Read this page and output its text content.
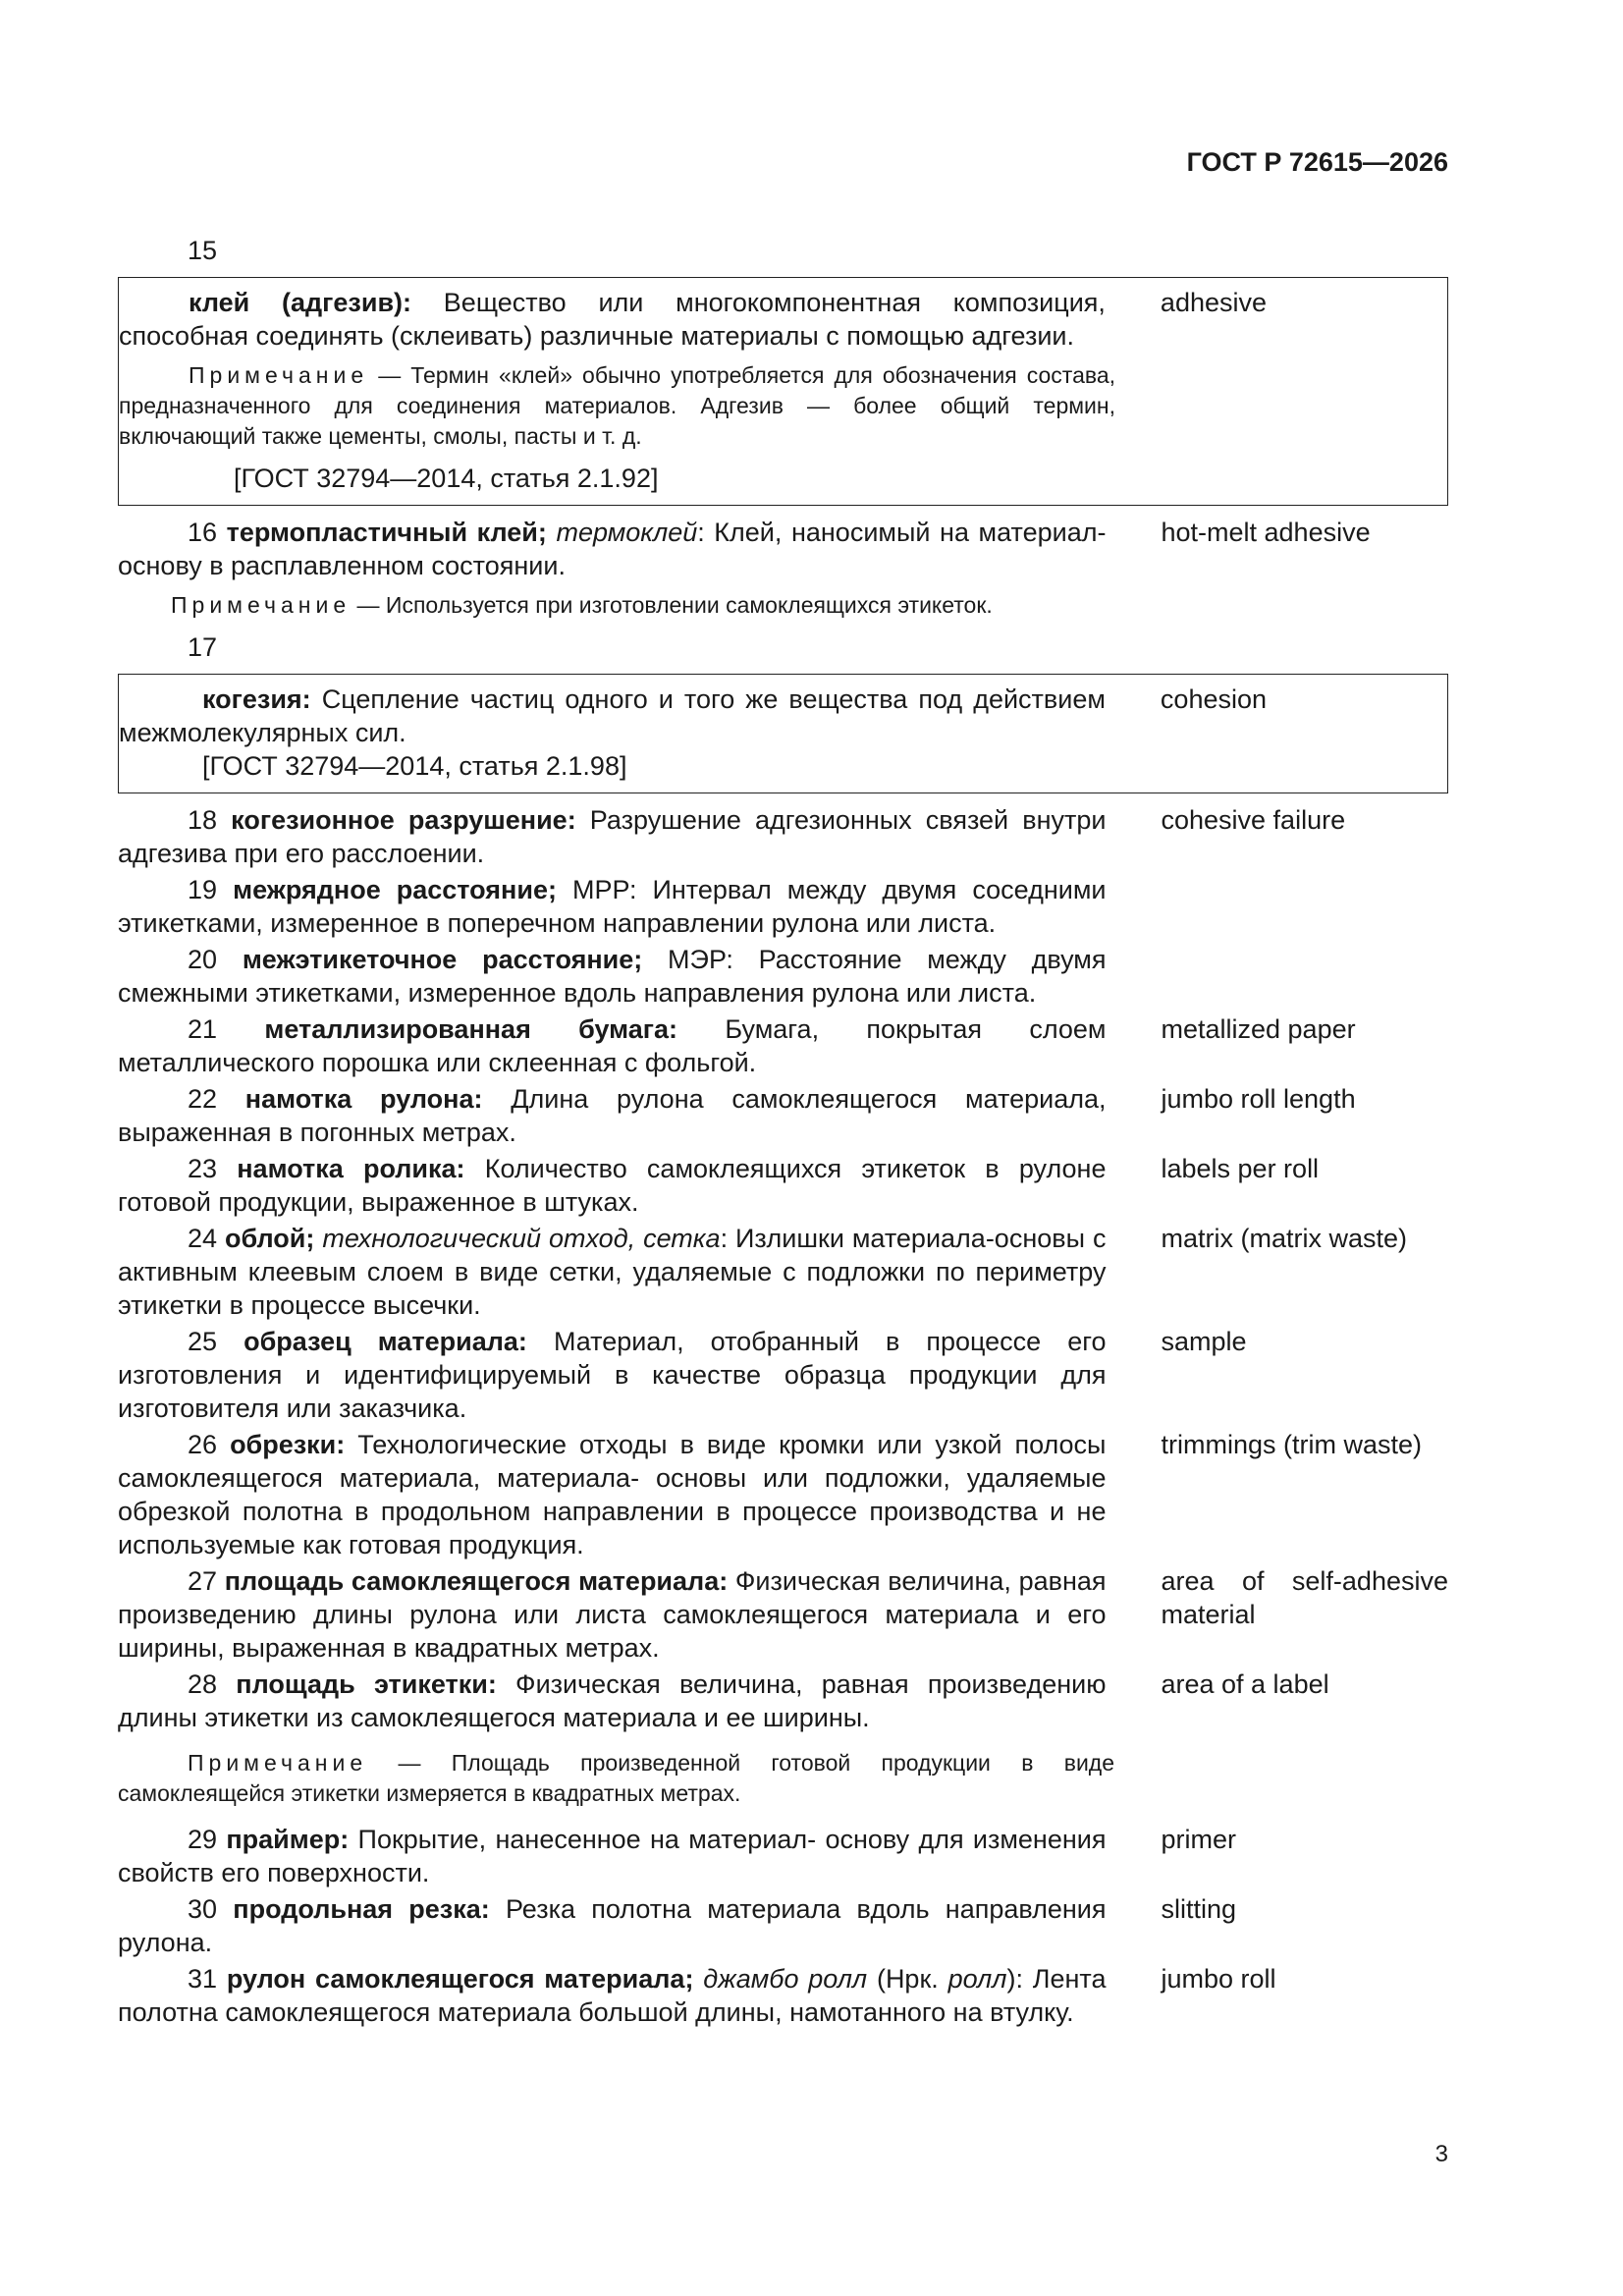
ГОСТ Р 72615—2026
15
клей (адгезив): Вещество или многокомпонентная композиция, способная соединять (склеивать) различные материалы с помощью адгезии.
adhesive
Примечание — Термин «клей» обычно употребляется для обозначения состава, предназначенного для соединения материалов. Адгезив — более общий термин, включающий также цементы, смолы, пасты и т. д.
[ГОСТ 32794—2014, статья 2.1.92]
16 термопластичный клей; термоклей: Клей, наносимый на материал-основу в расплавленном состоянии.
hot-melt adhesive
Примечание — Используется при изготовлении самоклеящихся этикеток.
17
когезия: Сцепление частиц одного и того же вещества под действием межмолекулярных сил.
cohesion
[ГОСТ 32794—2014, статья 2.1.98]
18 когезионное разрушение: Разрушение адгезионных связей внутри адгезива при его расслоении.
cohesive failure
19 межрядное расстояние; МРР: Интервал между двумя соседними этикетками, измеренное в поперечном направлении рулона или листа.
20 межэтикеточное расстояние; МЭР: Расстояние между двумя смежными этикетками, измеренное вдоль направления рулона или листа.
21 металлизированная бумага: Бумага, покрытая слоем металлического порошка или склеенная с фольгой.
metallized paper
22 намотка рулона: Длина рулона самоклеящегося материала, выраженная в погонных метрах.
jumbo roll length
23 намотка ролика: Количество самоклеящихся этикеток в рулоне готовой продукции, выраженное в штуках.
labels per roll
24 облой; технологический отход, сетка: Излишки материала-основы с активным клеевым слоем в виде сетки, удаляемые с подложки по периметру этикетки в процессе высечки.
matrix (matrix waste)
25 образец материала: Материал, отобранный в процессе его изготовления и идентифицируемый в качестве образца продукции для изготовителя или заказчика.
sample
26 обрезки: Технологические отходы в виде кромки или узкой полосы самоклеящегося материала, материала- основы или подложки, удаляемые обрезкой полотна в продольном направлении в процессе производства и не используемые как готовая продукция.
trimmings (trim waste)
27 площадь самоклеящегося материала: Физическая величина, равная произведению длины рулона или листа самоклеящегося материала и его ширины, выраженная в квадратных метрах.
area of self-adhesive
material
28 площадь этикетки: Физическая величина, равная произведению длины этикетки из самоклеящегося материала и ее ширины.
area of a label
Примечание — Площадь произведенной готовой продукции в виде самоклеящейся этикетки измеряется в квадратных метрах.
29 праймер: Покрытие, нанесенное на материал- основу для изменения свойств его поверхности.
primer
30 продольная резка: Резка полотна материала вдоль направления рулона.
slitting
31 рулон самоклеящегося материала; джамбо ролл (Нрк. ролл): Лента полотна самоклеящегося материала большой длины, намотанного на втулку.
jumbo roll
3
